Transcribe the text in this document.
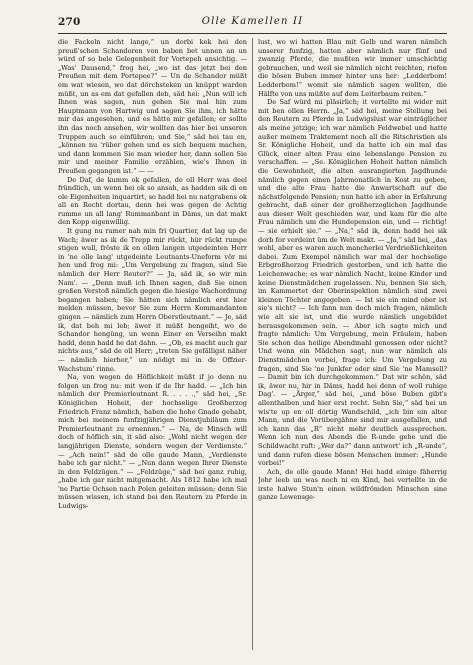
270	Olle Kamellen II

die Fackeln nicht lange,“ un dorbi kek hei den preuß'schen Schandoren von baben bet unnen an un würd of so bele Gelegenheit for Vortepeh ansichtig. — „Was' Dausend,“ frog hei, „wo ist das jetzt bei den Preußen mit dem Portepee?“ — Un de Schandor müßt em wat wiesen, wo dat dörchsteken un knüppt warden müßt, un as em dat gefallen deb, säd hei: „Nun will ich Ihnen was sagen, nun gehen Sie mal hin zum Hauptmann von Hartwig und sagen Sie ihm, ich hätte mir das angesehen, und es hätte mir gefallen; er sollte ihn das noch ansehen, wir wollten das hier bei unseren Truppen auch so einführen; und Sie,“ säd hei tau en, „können nu 'rüber gehen und es sich bequem machen, und dann kommen Sie man wieder her, dann sollen Sie mir und meiner Familie erzählen, wie's Ihnen in Preußen gegangen ist.“ — —

De Daf, de kumm ok gefallen, de oll Herr was deel fründlich, un wenn hei ok so ansah, as hadden sik di en ole Eigenheiten inquartirt, so hadd hei nu natgrabens ok all en Recht dortau, denn hei was gegen de Achtig rumme un all lang' Rummanbant in Däms, un dat makt den Kopp eigenwillig.

It gung nu ramer nah min fri Quartier, dat lag up de Wach; äwer as ik de Trepp mir rückt, hür rückt rumpe stigen wull, fröste ik en ollen langen utgedeinten Herr in 'ne olle lang' utgedeinte Leutnants-Uneform vör mi hen und frog mi: „Um Vergebung zu fragen, sind Sie nämlich der Herr Reuter?“ — Ja, säd ik, so wir min Nam'. — „Denn muß ich Ihnen sagen, daß Sie einen großen Verstoß nämlich gegen die hiesige Wachordnung begangen haben; Sie hätten sich nämlich erst hier melden müssen, bevor Sie zum Herrn Kommandanten gingen — nämlich zum Herrn Oberstleutnant.“ — Je, säd ik, dat beh mi leb; äwer it müßt bengeiht, wo de Schandor hengüng, un wenn Einer en Verseihn makt hadd, denn hadd he dat dahn. — „Ob, es macht auch gar nichts aus,“ säd de oll Herr; „treten Sie gefälligst näher — nämlich hierher,“ un nödigt mi in de Offzier-Wachstum' rinne.

Na, von wegen de Höflichkeit müßt if jo denn nu folgen un frog nu: mit wen if de Ihr hadd. — „Ich bin nämlich der Premierleutnant R. . . . .,“ säd hei, „Sr. Königlichen Hoheit, der hochselige Großherzog Friedrich Franz nämlich, haben die hohe Gnade gehabt, mich bei meinem funfzigjährigen Dienstjubiläum zum Premierleutnant zu ernennen.“ — Na, de Minsch will doch of höflich sin, it säd also: „Wohl nicht wegen der langjährigen Dienste, sondern wegen der Verdienste.“ — „Ach nein!“ säd de olle gaude Mann, „Verdienste habe ich gar nicht.“ — „Nun dann wegen Ihrer Dienste in den Feldzügen.“ — „Feldzüge,“ säd hei ganz ruhig, „habe ich gar nicht mitgemacht. Als 1812 habe ich mal 'ne Partie Ochsen nach Polen geleiten müssen; denn Sie müssen wissen, ich stand bei den Reutern zu Pferde in Ludwigs-

lust, wo wi hatten Blau mit Gelb und waren nämlich unserer funfzig, hatten aber nämlich nur fünf und zwanzig Pferde, die mußten wir immer umschichtig gebrauchen, und weil sie nämlich nicht reichten, riefen die bösen Buben immer hinter uns her: „Ledderbom! Ledderbom!“ womit sie nämlich sagen wollten, die Hälfte von uns müßte auf dem Leiterbaum reiten.“

De Saf würd mi pläsirlich; it vertellte mi wider mit mit ben ollen Herrn. „Ja,“ säd hei, meine Stellung bei den Reutern zu Pferde in Ludwigslust war einträglicher als meine jetzige; ich war nämlich Feldwebel und hatte außer meinem Traktement noch all die Ritschristien als Sr. Königliche Hoheit, und da hatte ich ein mal das Glück, einer alten Frau eine lebenslange Pension zu verschaffen. — „Se. Königlichen Hoheit hatten nämlich die Gewohnheit, die alten ausrangierten Jagdhunde nämlich gegen einen Jahrmonatlich in Kost zu geben, und die alte Frau hatte die Anwartschaft auf die nächstfolgende Pension; nun hatte ich aber in Erfahrung gebracht, daß einer der großherzoglichen Jagdhunde aus dieser Welt geschieden war, und kam für die alte Frau nämlich um die Hundepension ein, und — richtig! — sie erhielt sie.“ — „Na,“ säd ik, denn hadd hei sik dorb for verdeint üm de Welt makt. — „Ja,“ säd hei, „das wohl, aber es waren auch mancherlei Verdrießlichkeiten dabei. Zum Exempel nämlich war mal der hochselige Erbgroßherzog Friedrich gestorben, und ich hatte die Leichenwache; es war nämlich Nacht, keine Kinder und keine Dienstmädchen zugelassen. Nu, bennen Sie sich, im Kammertet der Oberinspektion nämlich sind zwei kleinen Töchter angegeben. — Ist sie ein mind ober ist sie's nicht? — Ich fann nun doch mich fragen, nämlich wie alt sie ist, und die wurde nämlich ungebildet herausgekommen sein. — Aber ich sagte mich und fragte nämlich: Um Vergebung, mein Fräulein, haben Sie schon das heilige Abendmahl genossen oder nicht? Und wenn ein Mädchen sagt, nun war nämlich als Dienstmädchen vorbei, frage ich: Um Vergebung zu fragen, sind Sie 'ne Junkfer oder sind Sie 'ne Mamsell? — Damit bin ich durchgekommen.“ Dat wir schön, säd ik, äwer nu, hir in Däms, hadd hei denn of woll ruhige Dag'. — „Ärger,“ säd hei, „und böse Buben gibt's allenthalben und hier erst recht. Sehn Sie,“ säd hei un wis'te up en oll dörtig Wandschild, „ich bin ein alter Mann, und die Vorübergähne sind mir ausgefallen, und ich kann das „R“ nicht mehr deutlich aussprechen. Wenn ich nun des Abends die R-unde gehe und die Schildwacht ruft: „Wer da?“ dann antwort' ich „R-unde“, und dann rufen diese bösen Menschen immer: „Hunde vorbei!“

Ach, de olle gaude Mann! Hei hadd einige fäherrig Johr leeb un was noch ni en Kind, hei vertellte in de irste halwe Stun'n einen wildfrömden Minschen sine ganze Lewensge-
